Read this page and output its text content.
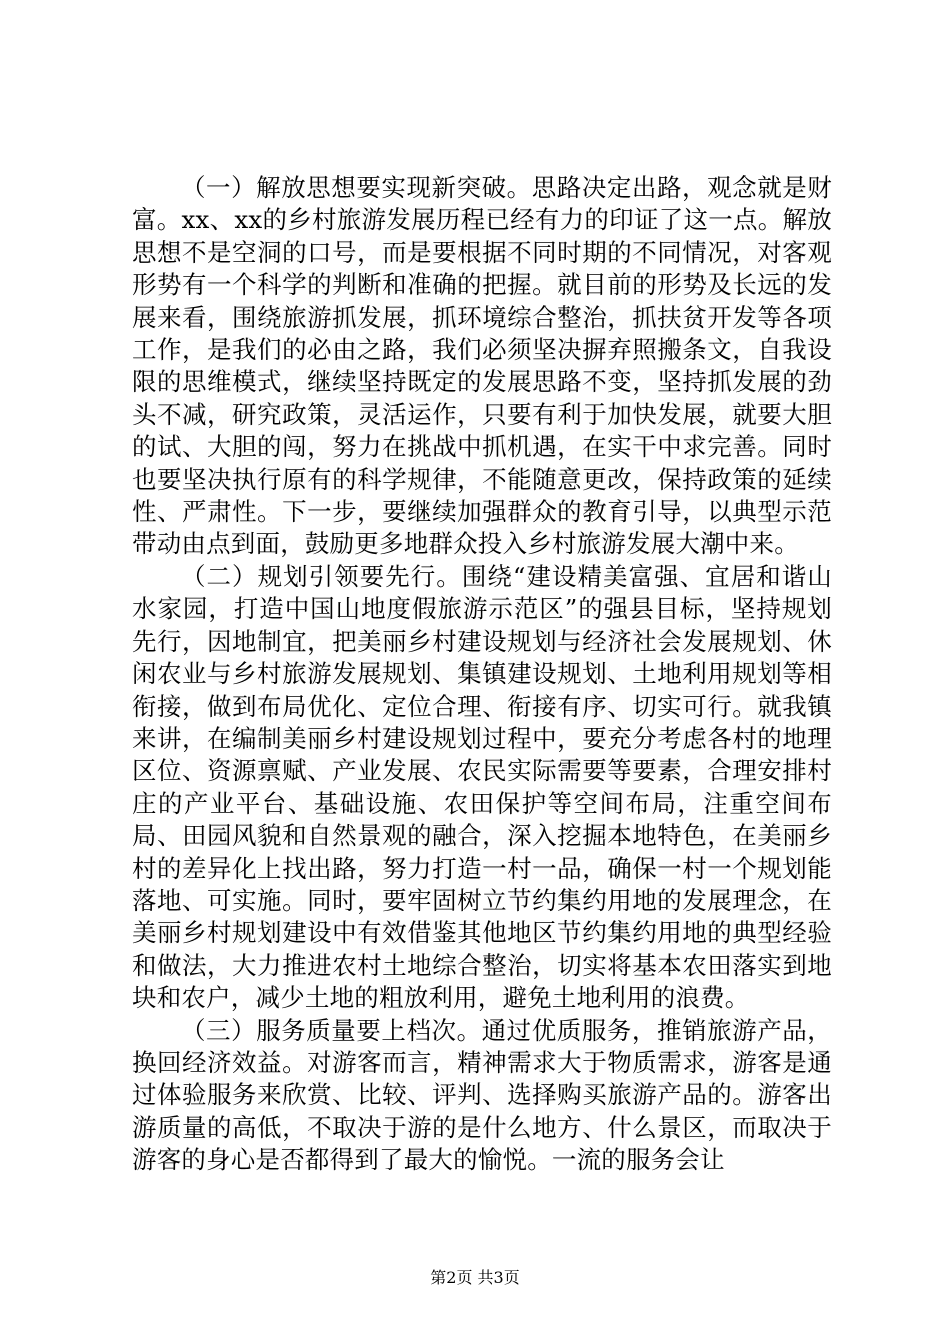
（一）解放思想要实现新突破。思路决定出路，观念就是财富。xx、xx的乡村旅游发展历程已经有力的印证了这一点。解放思想不是空洞的口号，而是要根据不同时期的不同情况，对客观形势有一个科学的判断和准确的把握。就目前的形势及长远的发展来看，围绕旅游抓发展，抓环境综合整治，抓扶贫开发等各项工作，是我们的必由之路，我们必须坚决摒弃照搬条文，自我设限的思维模式，继续坚持既定的发展思路不变，坚持抓发展的劲头不减，研究政策，灵活运作，只要有利于加快发展，就要大胆的试、大胆的闯，努力在挑战中抓机遇，在实干中求完善。同时也要坚决执行原有的科学规律，不能随意更改，保持政策的延续性、严肃性。下一步，要继续加强群众的教育引导，以典型示范带动由点到面，鼓励更多地群众投入乡村旅游发展大潮中来。

（二）规划引领要先行。围绕“建设精美富强、宜居和谐山水家园，打造中国山地度假旅游示范区”的强县目标，坚持规划先行，因地制宜，把美丽乡村建设规划与经济社会发展规划、休闲农业与乡村旅游发展规划、集镇建设规划、土地利用规划等相衔接，做到布局优化、定位合理、衔接有序、切实可行。就我镇来讲，在编制美丽乡村建设规划过程中，要充分考虑各村的地理区位、资源禀赋、产业发展、农民实际需要等要素，合理安排村庄的产业平台、基础设施、农田保护等空间布局，注重空间布局、田园风貌和自然景观的融合，深入挖掘本地特色，在美丽乡村的差异化上找出路，努力打造一村一品，确保一村一个规划能落地、可实施。同时，要牢固树立节约集约用地的发展理念，在美丽乡村规划建设中有效借鉴其他地区节约集约用地的典型经验和做法，大力推进农村土地综合整治，切实将基本农田落实到地块和农户，减少土地的粗放利用，避免土地利用的浪费。

（三）服务质量要上档次。通过优质服务，推销旅游产品，换回经济效益。对游客而言，精神需求大于物质需求，游客是通过体验服务来欣赏、比较、评判、选择购买旅游产品的。游客出游质量的高低，不取决于游的是什么地方、什么景区，而取决于游客的身心是否都得到了最大的愉悦。一流的服务会让

第2页 共3页
